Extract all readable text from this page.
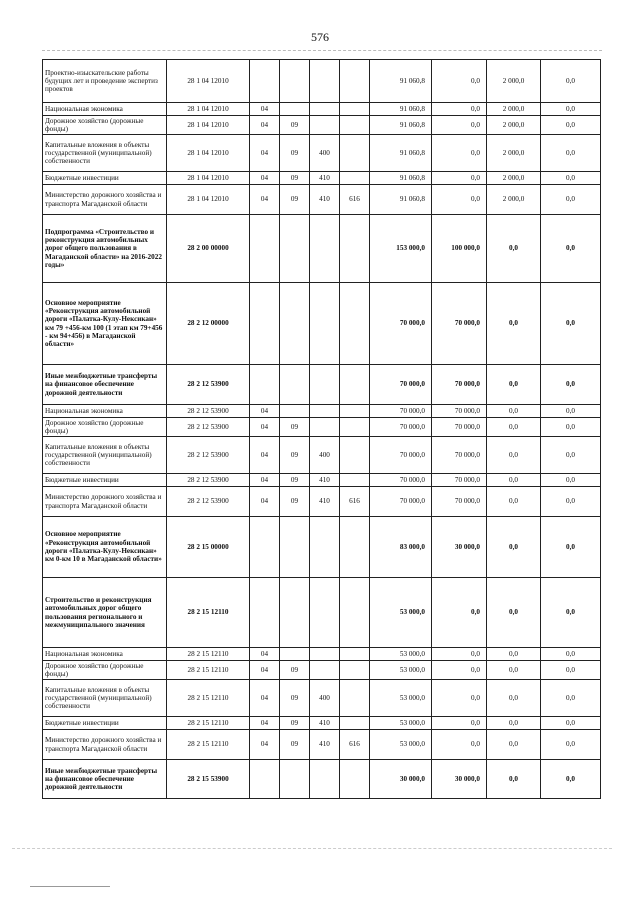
576
Проектно-изыскательские работы будущих лет и проведение экспертиз проектов	28 1 04 12010					91 060,8	0,0	2 000,0	0,0	
Национальная экономика	28 1 04 12010	04				91 060,8	0,0	2 000,0	0,0	
Дорожное хозяйство (дорожные фонды)	28 1 04 12010	04	09			91 060,8	0,0	2 000,0	0,0	
Капитальные вложения в объекты государственной (муниципальной) собственности	28 1 04 12010	04	09	400		91 060,8	0,0	2 000,0	0,0	
Бюджетные инвестиции	28 1 04 12010	04	09	410		91 060,8	0,0	2 000,0	0,0	
Министерство дорожного хозяйства и транспорта Магаданской области	28 1 04 12010	04	09	410	616	91 060,8	0,0	2 000,0	0,0	
Подпрограмма «Строительство и реконструкция автомобильных дорог общего пользования в Магаданской области» на 2016-2022 годы»	28 2 00 00000					153 000,0	100 000,0	0,0	0,0	
Основное мероприятие «Реконструкция автомобильной дороги «Палатка-Кулу-Нексикан» км 79 +456-км 100 (1 этап км 79+456 - км 94+456) в Магаданской области»	28 2 12 00000					70 000,0	70 000,0	0,0	0,0	
Иные межбюджетные трансферты на финансовое обеспечение дорожной деятельности	28 2 12 53900					70 000,0	70 000,0	0,0	0,0	
Национальная экономика	28 2 12 53900	04				70 000,0	70 000,0	0,0	0,0	
Дорожное хозяйство (дорожные фонды)	28 2 12 53900	04	09			70 000,0	70 000,0	0,0	0,0	
Капитальные вложения в объекты государственной (муниципальной) собственности	28 2 12 53900	04	09	400		70 000,0	70 000,0	0,0	0,0	
Бюджетные инвестиции	28 2 12 53900	04	09	410		70 000,0	70 000,0	0,0	0,0	
Министерство дорожного хозяйства и транспорта Магаданской области	28 2 12 53900	04	09	410	616	70 000,0	70 000,0	0,0	0,0	
Основное мероприятие «Реконструкция автомобильной дороги «Палатка-Кулу-Нексикан» км 0-км 10 в Магаданской области»	28 2 15 00000					83 000,0	30 000,0	0,0	0,0	
Строительство и реконструкция автомобильных дорог общего пользования регионального и межмуниципального значения	28 2 15 12110					53 000,0	0,0	0,0	0,0	
Национальная экономика	28 2 15 12110	04				53 000,0	0,0	0,0	0,0	
Дорожное хозяйство (дорожные фонды)	28 2 15 12110	04	09			53 000,0	0,0	0,0	0,0	
Капитальные вложения в объекты государственной (муниципальной) собственности	28 2 15 12110	04	09	400		53 000,0	0,0	0,0	0,0	
Бюджетные инвестиции	28 2 15 12110	04	09	410		53 000,0	0,0	0,0	0,0	
Министерство дорожного хозяйства и транспорта Магаданской области	28 2 15 12110	04	09	410	616	53 000,0	0,0	0,0	0,0	
Иные межбюджетные трансферты на финансовое обеспечение дорожной деятельности	28 2 15 53900					30 000,0	30 000,0	0,0	0,0	
